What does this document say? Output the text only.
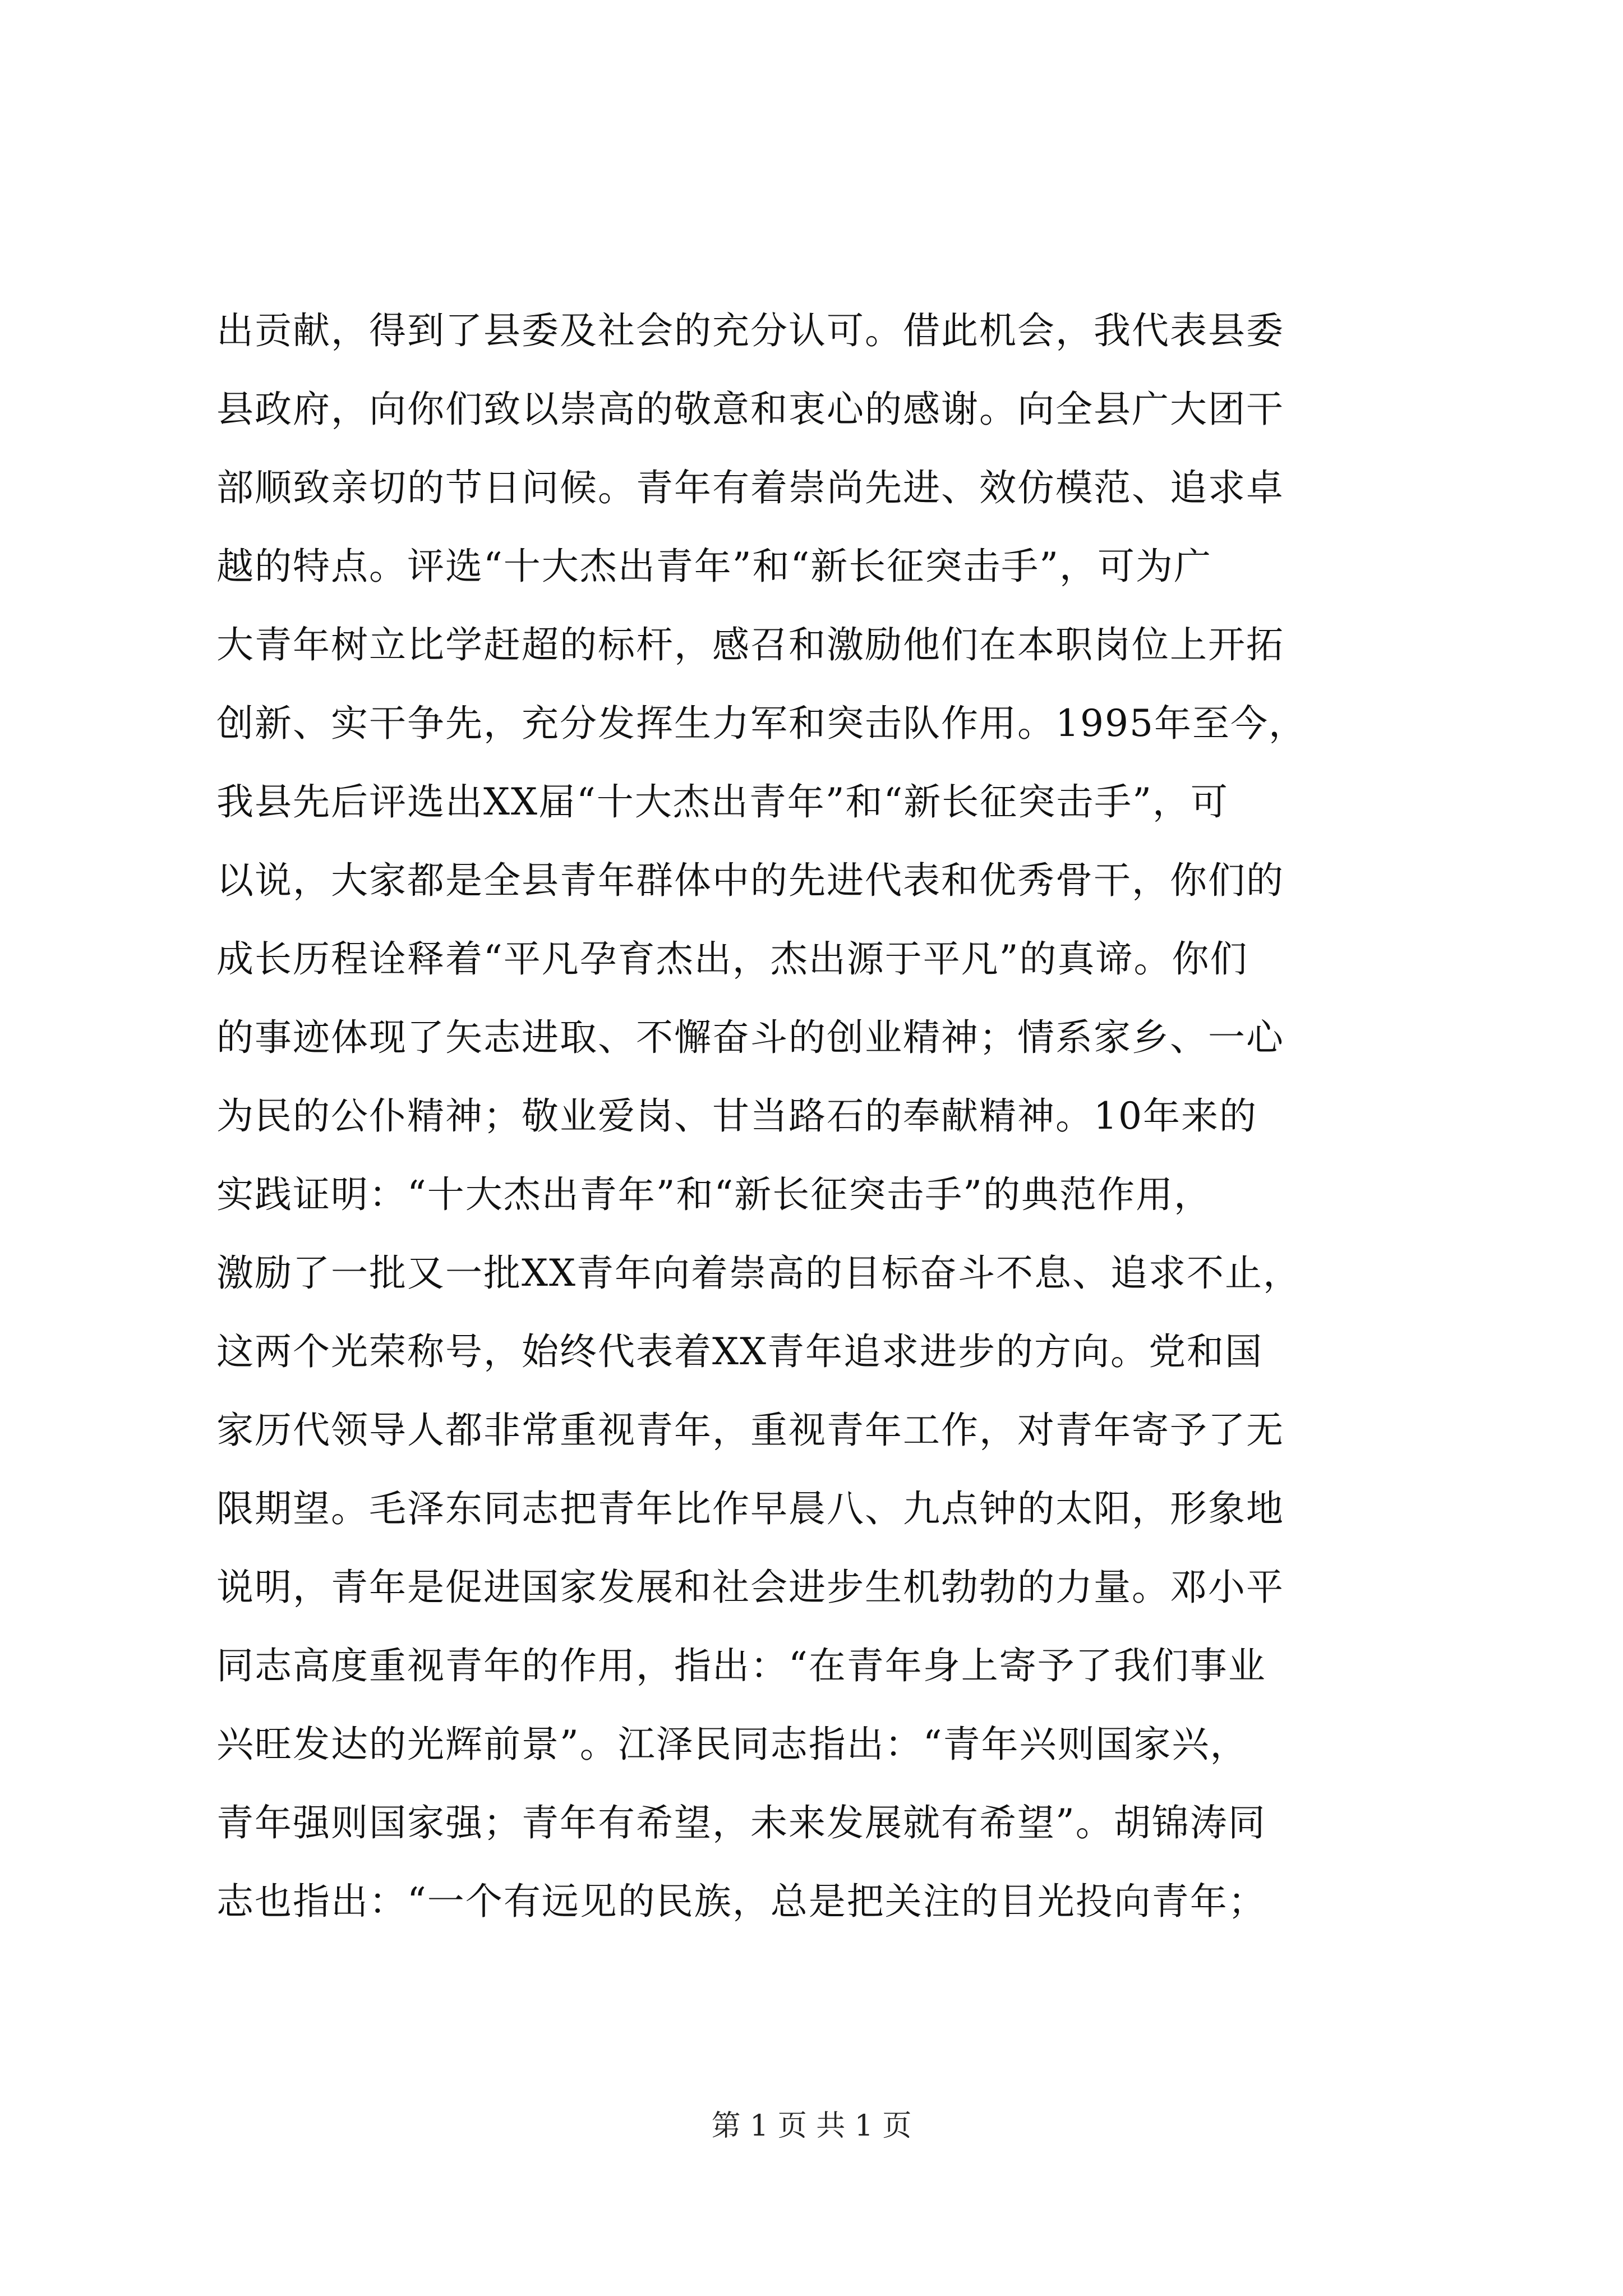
出贡献，得到了县委及社会的充分认可。借此机会，我代表县委
县政府，向你们致以崇高的敬意和衷心的感谢。向全县广大团干
部顺致亲切的节日问候。青年有着崇尚先进、效仿模范、追求卓
越的特点。评选“十大杰出青年”和“新长征突击手”，可为广
大青年树立比学赶超的标杆，感召和激励他们在本职岗位上开拓
创新、实干争先，充分发挥生力军和突击队作用。1995年至今，
我县先后评选出XX届“十大杰出青年”和“新长征突击手”，可
以说，大家都是全县青年群体中的先进代表和优秀骨干，你们的
成长历程诠释着“平凡孕育杰出，杰出源于平凡”的真谛。你们
的事迹体现了矢志进取、不懈奋斗的创业精神；情系家乡、一心
为民的公仆精神；敬业爱岗、甘当路石的奉献精神。10年来的
实践证明：“十大杰出青年”和“新长征突击手”的典范作用，
激励了一批又一批XX青年向着崇高的目标奋斗不息、追求不止，
这两个光荣称号，始终代表着XX青年追求进步的方向。党和国
家历代领导人都非常重视青年，重视青年工作，对青年寄予了无
限期望。毛泽东同志把青年比作早晨八、九点钟的太阳，形象地
说明，青年是促进国家发展和社会进步生机勃勃的力量。邓小平
同志高度重视青年的作用，指出：“在青年身上寄予了我们事业
兴旺发达的光辉前景”。江泽民同志指出：“青年兴则国家兴，
青年强则国家强；青年有希望，未来发展就有希望”。胡锦涛同
志也指出：“一个有远见的民族，总是把关注的目光投向青年；
第 1 页 共 1 页
